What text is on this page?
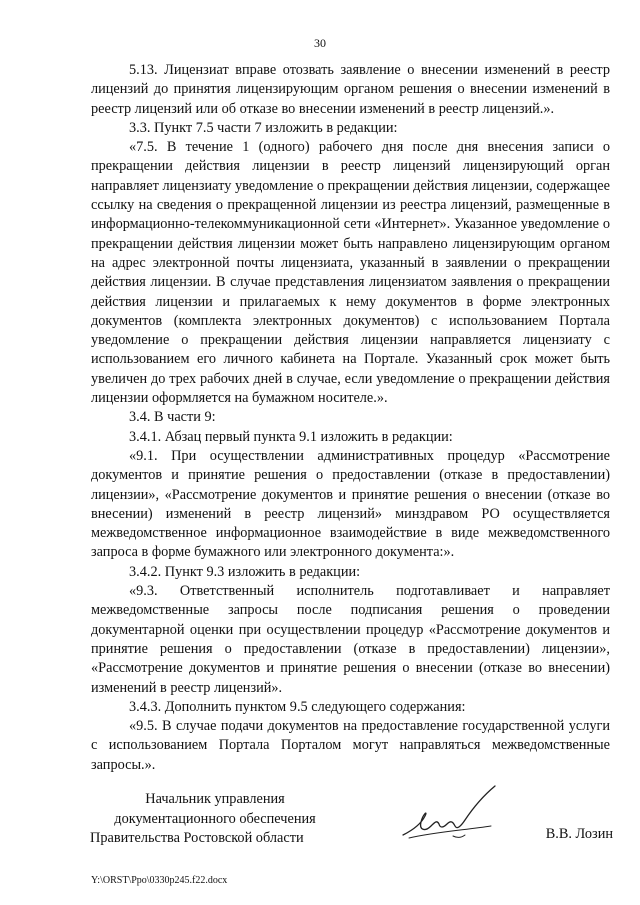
30

5.13. Лицензиат вправе отозвать заявление о внесении изменений в реестр лицензий до принятия лицензирующим органом решения о внесении изменений в реестр лицензий или об отказе во внесении изменений в реестр лицензий.».

3.3. Пункт 7.5 части 7 изложить в редакции:

«7.5. В течение 1 (одного) рабочего дня после дня внесения записи о прекращении действия лицензии в реестр лицензий лицензирующий орган направляет лицензиату уведомление о прекращении действия лицензии, содержащее ссылку на сведения о прекращенной лицензии из реестра лицензий, размещенные в информационно-телекоммуникационной сети «Интернет». Указанное уведомление о прекращении действия лицензии может быть направлено лицензирующим органом на адрес электронной почты лицензиата, указанный в заявлении о прекращении действия лицензии. В случае представления лицензиатом заявления о прекращении действия лицензии и прилагаемых к нему документов в форме электронных документов (комплекта электронных документов) с использованием Портала уведомление о прекращении действия лицензии направляется лицензиату с использованием его личного кабинета на Портале. Указанный срок может быть увеличен до трех рабочих дней в случае, если уведомление о прекращении действия лицензии оформляется на бумажном носителе.».

3.4. В части 9:

3.4.1. Абзац первый пункта 9.1 изложить в редакции:

«9.1. При осуществлении административных процедур «Рассмотрение документов и принятие решения о предоставлении (отказе в предоставлении) лицензии», «Рассмотрение документов и принятие решения о внесении (отказе во внесении) изменений в реестр лицензий» минздравом РО осуществляется межведомственное информационное взаимодействие в виде межведомственного запроса в форме бумажного или электронного документа:».

3.4.2. Пункт 9.3 изложить в редакции:

«9.3. Ответственный исполнитель подготавливает и направляет межведомственные запросы после подписания решения о проведении документарной оценки при осуществлении процедур «Рассмотрение документов и принятие решения о предоставлении (отказе в предоставлении) лицензии», «Рассмотрение документов и принятие решения о внесении (отказе во внесении) изменений в реестр лицензий».

3.4.3. Дополнить пунктом 9.5 следующего содержания:

«9.5. В случае подачи документов на предоставление государственной услуги с использованием Портала Порталом могут направляться межведомственные запросы.».

Начальник управления
документационного обеспечения
Правительства Ростовской области	В.В. Лозин
Y:\ORST\Ppo\0330p245.f22.docx
